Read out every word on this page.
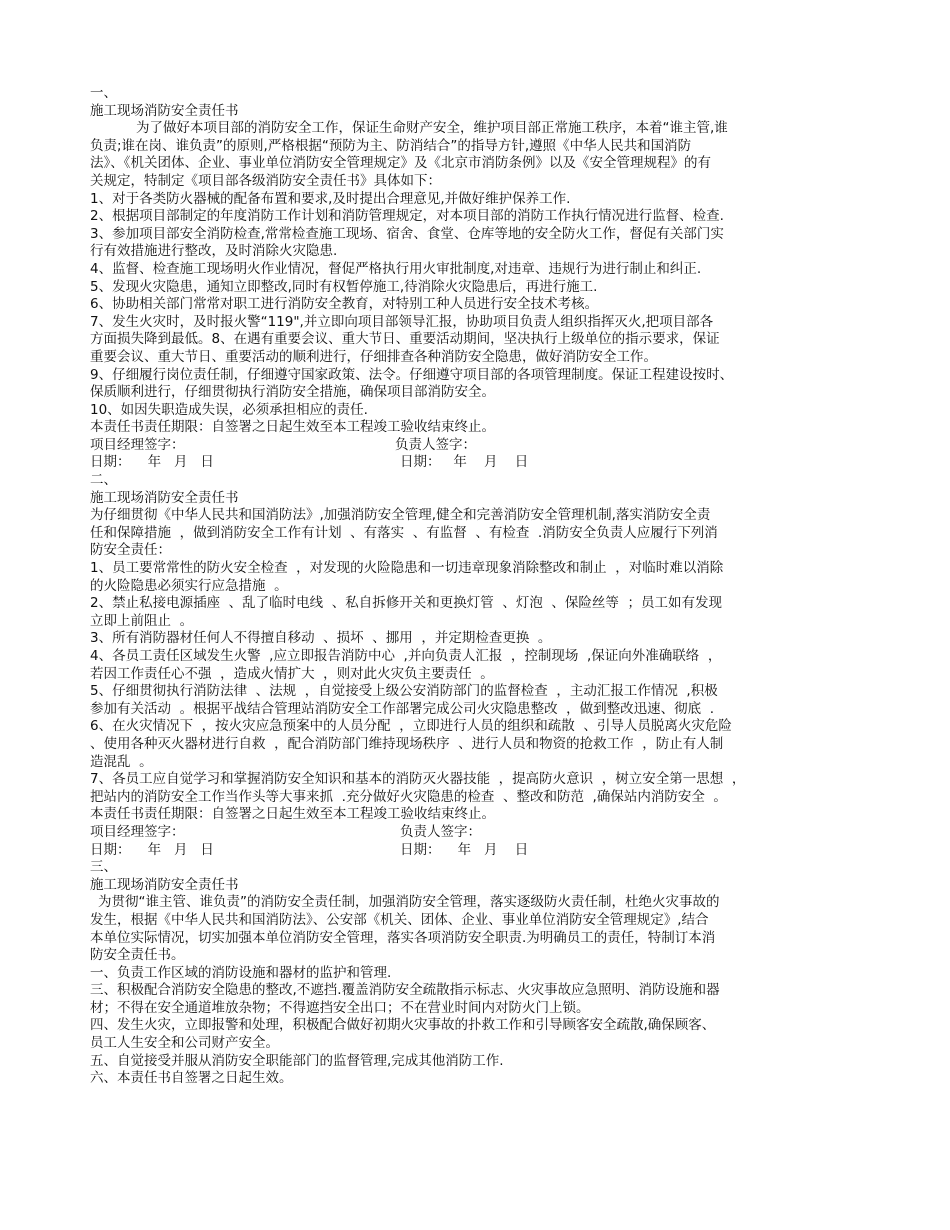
一、
施工现场消防安全责任书
为了做好本项目部的消防安全工作，保证生命财产安全，维护项目部正常施工秩序，本着“谁主管,谁
负责;谁在岗、谁负责”的原则,严格根据“预防为主、防消结合”的指导方针,遵照《中华人民共和国消防
法》、《机关团体、企业、事业单位消防安全管理规定》及《北京市消防条例》以及《安全管理规程》的有
关规定，特制定《项目部各级消防安全责任书》具体如下：
1、对于各类防火器械的配备布置和要求,及时提出合理意见,并做好维护保养工作.
2、根据项目部制定的年度消防工作计划和消防管理规定，对本项目部的消防工作执行情况进行监督、检查.
3、参加项目部安全消防检查,常常检查施工现场、宿舍、食堂、仓库等地的安全防火工作，督促有关部门实
行有效措施进行整改，及时消除火灾隐患.
4、监督、检查施工现场明火作业情况，督促严格执行用火审批制度,对违章、违规行为进行制止和纠正.
5、发现火灾隐患，通知立即整改,同时有权暂停施工,待消除火灾隐患后，再进行施工.
6、协助相关部门常常对职工进行消防安全教育，对特别工种人员进行安全技术考核。
7、发生火灾时，及时报火警“119",并立即向项目部领导汇报，协助项目负责人组织指挥灭火,把项目部各
方面损失降到最低。8、在遇有重要会议、重大节日、重要活动期间，坚决执行上级单位的指示要求，保证
重要会议、重大节日、重要活动的顺利进行，仔细排查各种消防安全隐患，做好消防安全工作。
9、仔细履行岗位责任制，仔细遵守国家政策、法令。仔细遵守项目部的各项管理制度。保证工程建设按时、
保质顺利进行，仔细贯彻执行消防安全措施，确保项目部消防安全。
10、如因失职造成失误，必须承担相应的责任.
本责任书责任期限：自签署之日起生效至本工程竣工验收结束终止。
项目经理签字：	负责人签字：
日期：    年   月   日	日期：   年    月    日
二、
施工现场消防安全责任书
为仔细贯彻《中华人民共和国消防法》,加强消防安全管理,健全和完善消防安全管理机制,落实消防安全责
任和保障措施  ，做到消防安全工作有计划  、有落实  、有监督  、有检查  .消防安全负责人应履行下列消
防安全责任：
1、员工要常常性的防火安全检查  ，对发现的火险隐患和一切违章现象消除整改和制止  ，对临时难以消除
的火险隐患必须实行应急措施  。
2、禁止私接电源插座  、乱了临时电线  、私自拆修开关和更换灯管  、灯泡  、保险丝等  ；员工如有发现
立即上前阻止  。
3、所有消防器材任何人不得擅自移动  、损坏  、挪用  ，并定期检查更换  。
4、各员工责任区域发生火警  ,应立即报告消防中心  ,并向负责人汇报  ，控制现场  ,保证向外准确联络  ，
若因工作责任心不强  ，造成火情扩大  ，则对此火灾负主要责任  。
5、仔细贯彻执行消防法律  、法规  ，自觉接受上级公安消防部门的监督检查  ，主动汇报工作情况  ,积极
参加有关活动  。根据平战结合管理站消防安全工作部署完成公司火灾隐患整改  ，做到整改迅速、彻底  .
6、在火灾情况下  ，按火灾应急预案中的人员分配  ，立即进行人员的组织和疏散  、引导人员脱离火灾危险
、使用各种灭火器材进行自救  ，配合消防部门维持现场秩序  、进行人员和物资的抢救工作  ，防止有人制
造混乱  。
7、各员工应自觉学习和掌握消防安全知识和基本的消防灭火器技能  ，提高防火意识  ，树立安全第一思想  ，
把站内的消防安全工作当作头等大事来抓  .充分做好火灾隐患的检查  、整改和防范  ,确保站内消防安全  。
本责任书责任期限：自签署之日起生效至本工程竣工验收结束终止。
项目经理签字：	负责人签字：
日期：    年   月   日	日期：    年   月    日
三、
施工现场消防安全责任书
为贯彻“谁主管、谁负责”的消防安全责任制，加强消防安全管理，落实逐级防火责任制，杜绝火灾事故的
发生，根据《中华人民共和国消防法》、公安部《机关、团体、企业、事业单位消防安全管理规定》,结合
本单位实际情况，切实加强本单位消防安全管理，落实各项消防安全职责.为明确员工的责任，特制订本消
防安全责任书。
一、负责工作区域的消防设施和器材的监护和管理.
三、积极配合消防安全隐患的整改,不遮挡.覆盖消防安全疏散指示标志、火灾事故应急照明、消防设施和器
材；不得在安全通道堆放杂物；不得遮挡安全出口；不在营业时间内对防火门上锁。
四、发生火灾，立即报警和处理，积极配合做好初期火灾事故的扑救工作和引导顾客安全疏散,确保顾客、
员工人生安全和公司财产安全。
五、自觉接受并服从消防安全职能部门的监督管理,完成其他消防工作.
六、本责任书自签署之日起生效。
